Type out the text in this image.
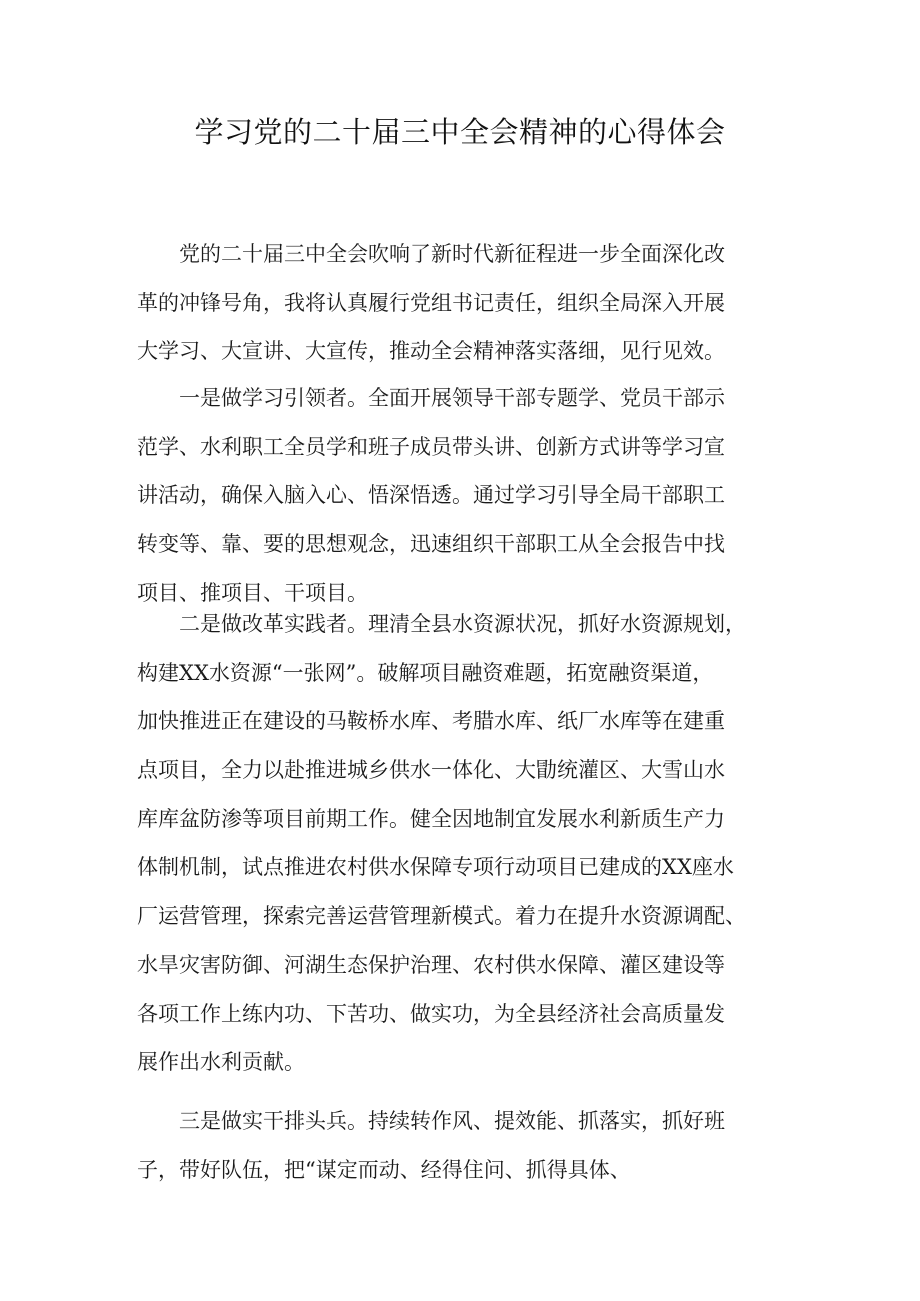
学习党的二十届三中全会精神的心得体会
　　党的二十届三中全会吹响了新时代新征程进一步全面深化改
革的冲锋号角，我将认真履行党组书记责任，组织全局深入开展
大学习、大宣讲、大宣传，推动全会精神落实落细，见行见效。
　　一是做学习引领者。全面开展领导干部专题学、党员干部示
范学、水利职工全员学和班子成员带头讲、创新方式讲等学习宣
讲活动，确保入脑入心、悟深悟透。通过学习引导全局干部职工
转变等、靠、要的思想观念，迅速组织干部职工从全会报告中找
项目、推项目、干项目。
　　二是做改革实践者。理清全县水资源状况，抓好水资源规划，
构建XX水资源“一张网”。破解项目融资难题，拓宽融资渠道，
加快推进正在建设的马鞍桥水库、考腊水库、纸厂水库等在建重
点项目，全力以赴推进城乡供水一体化、大勖统灌区、大雪山水
库库盆防渗等项目前期工作。健全因地制宜发展水利新质生产力
体制机制，试点推进农村供水保障专项行动项目已建成的XX座水
厂运营管理，探索完善运营管理新模式。着力在提升水资源调配、
水旱灾害防御、河湖生态保护治理、农村供水保障、灌区建设等
各项工作上练内功、下苦功、做实功，为全县经济社会高质量发
展作出水利贡献。
　　三是做实干排头兵。持续转作风、提效能、抓落实，抓好班
子，带好队伍，把“谋定而动、经得住问、抓得具体、
